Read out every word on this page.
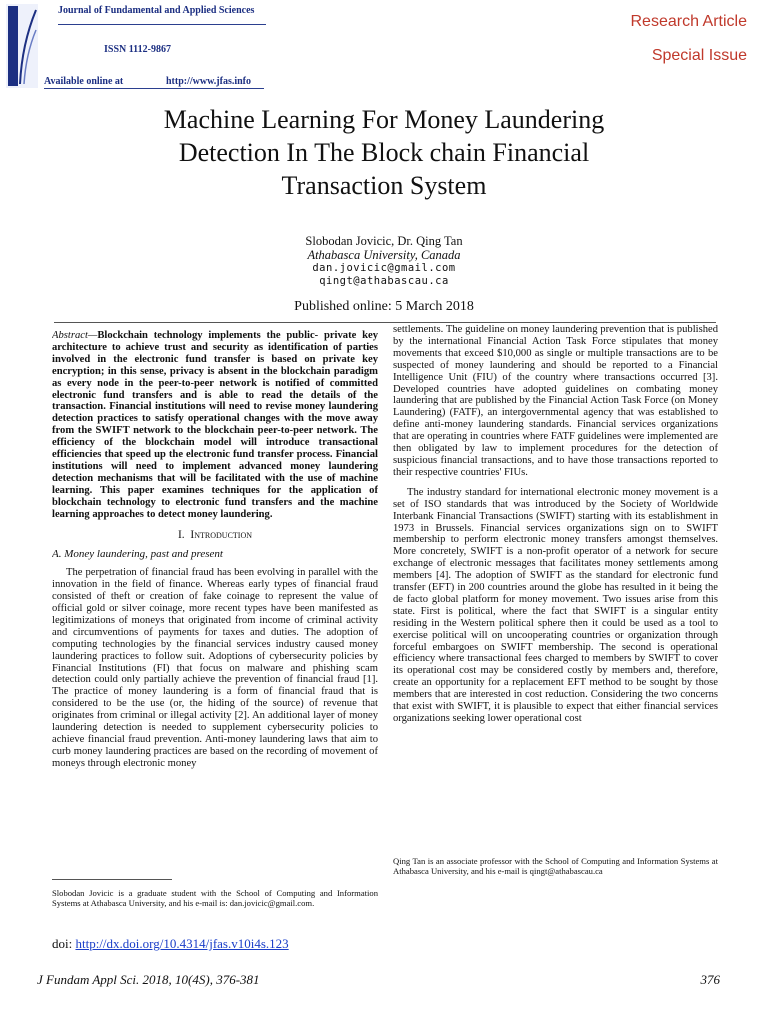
Journal of Fundamental and Applied Sciences
ISSN 1112-9867
Available online at	http://www.jfas.info
Research Article
Special Issue
Machine Learning For Money Laundering
Detection In The Block chain Financial
Transaction System
Slobodan Jovicic, Dr. Qing Tan
Athabasca University, Canada
dan.jovicic@gmail.com
qingt@athabascau.ca
Published online: 5 March 2018

Abstract—Blockchain technology implements the public- private key architecture to achieve trust and security as identification of parties involved in the electronic fund transfer is based on private key encryption; in this sense, privacy is absent in the blockchain paradigm as every node in the peer-to-peer network is notified of committed electronic fund transfers and is able to read the details of the transaction. Financial institutions will need to revise money laundering detection practices to satisfy operational changes with the move away from the SWIFT network to the blockchain peer-to-peer network. The efficiency of the blockchain model will introduce transactional efficiencies that speed up the electronic fund transfer process. Financial institutions will need to implement advanced money laundering detection mechanisms that will be facilitated with the use of machine learning. This paper examines techniques for the application of blockchain technology to electronic fund transfers and the machine learning approaches to detect money laundering.

I. Introduction

A. Money laundering, past and present

The perpetration of financial fraud has been evolving in parallel with the innovation in the field of finance. Whereas early types of financial fraud consisted of theft or creation of fake coinage to represent the value of official gold or silver coinage, more recent types have been manifested as legitimizations of moneys that originated from income of criminal activity and circumventions of payments for taxes and duties. The adoption of computing technologies by the financial services industry caused money laundering practices to follow suit. Adoptions of cybersecurity policies by Financial Institutions (FI) that focus on malware and phishing scam detection could only partially achieve the prevention of financial fraud [1]. The practice of money laundering is a form of financial fraud that is considered to be the use (or, the hiding of the source) of revenue that originates from criminal or illegal activity [2]. An additional layer of money laundering detection is needed to supplement cybersecurity policies to achieve financial fraud prevention. Anti-money laundering laws that aim to curb money laundering practices are based on the recording of movement of moneys through electronic money

settlements. The guideline on money laundering prevention that is published by the international Financial Action Task Force stipulates that money movements that exceed $10,000 as single or multiple transactions are to be suspected of money laundering and should be reported to a Financial Intelligence Unit (FIU) of the country where transactions occurred [3]. Developed countries have adopted guidelines on combating money laundering that are published by the Financial Action Task Force (on Money Laundering) (FATF), an intergovernmental agency that was established to define anti-money laundering standards. Financial services organizations that are operating in countries where FATF guidelines were implemented are then obligated by law to implement procedures for the detection of suspicious financial transactions, and to have those transactions reported to their respective countries' FIUs.

The industry standard for international electronic money movement is a set of ISO standards that was introduced by the Society of Worldwide Interbank Financial Transactions (SWIFT) starting with its establishment in 1973 in Brussels. Financial services organizations sign on to SWIFT membership to perform electronic money transfers amongst themselves. More concretely, SWIFT is a non-profit operator of a network for secure exchange of electronic messages that facilitates money settlements among members [4]. The adoption of SWIFT as the standard for electronic fund transfer (EFT) in 200 countries around the globe has resulted in it being the de facto global platform for money movement. Two issues arise from this state. First is political, where the fact that SWIFT is a singular entity residing in the Western political sphere then it could be used as a tool to exercise political will on uncooperating countries or organization through forceful embargoes on SWIFT membership. The second is operational efficiency where transactional fees charged to members by SWIFT to cover its operational cost may be considered costly by members and, therefore, create an opportunity for a replacement EFT method to be sought by those members that are interested in cost reduction. Considering the two concerns that exist with SWIFT, it is plausible to expect that either financial services organizations seeking lower operational cost

Slobodan Jovicic is a graduate student with the School of Computing and Information Systems at Athabasca University, and his e-mail is: dan.jovicic@gmail.com.
Qing Tan is an associate professor with the School of Computing and Information Systems at Athabasca University, and his e-mail is qingt@athabascau.ca
doi: http://dx.doi.org/10.4314/jfas.v10i4s.123
J Fundam Appl Sci. 2018, 10(4S), 376-381	376
